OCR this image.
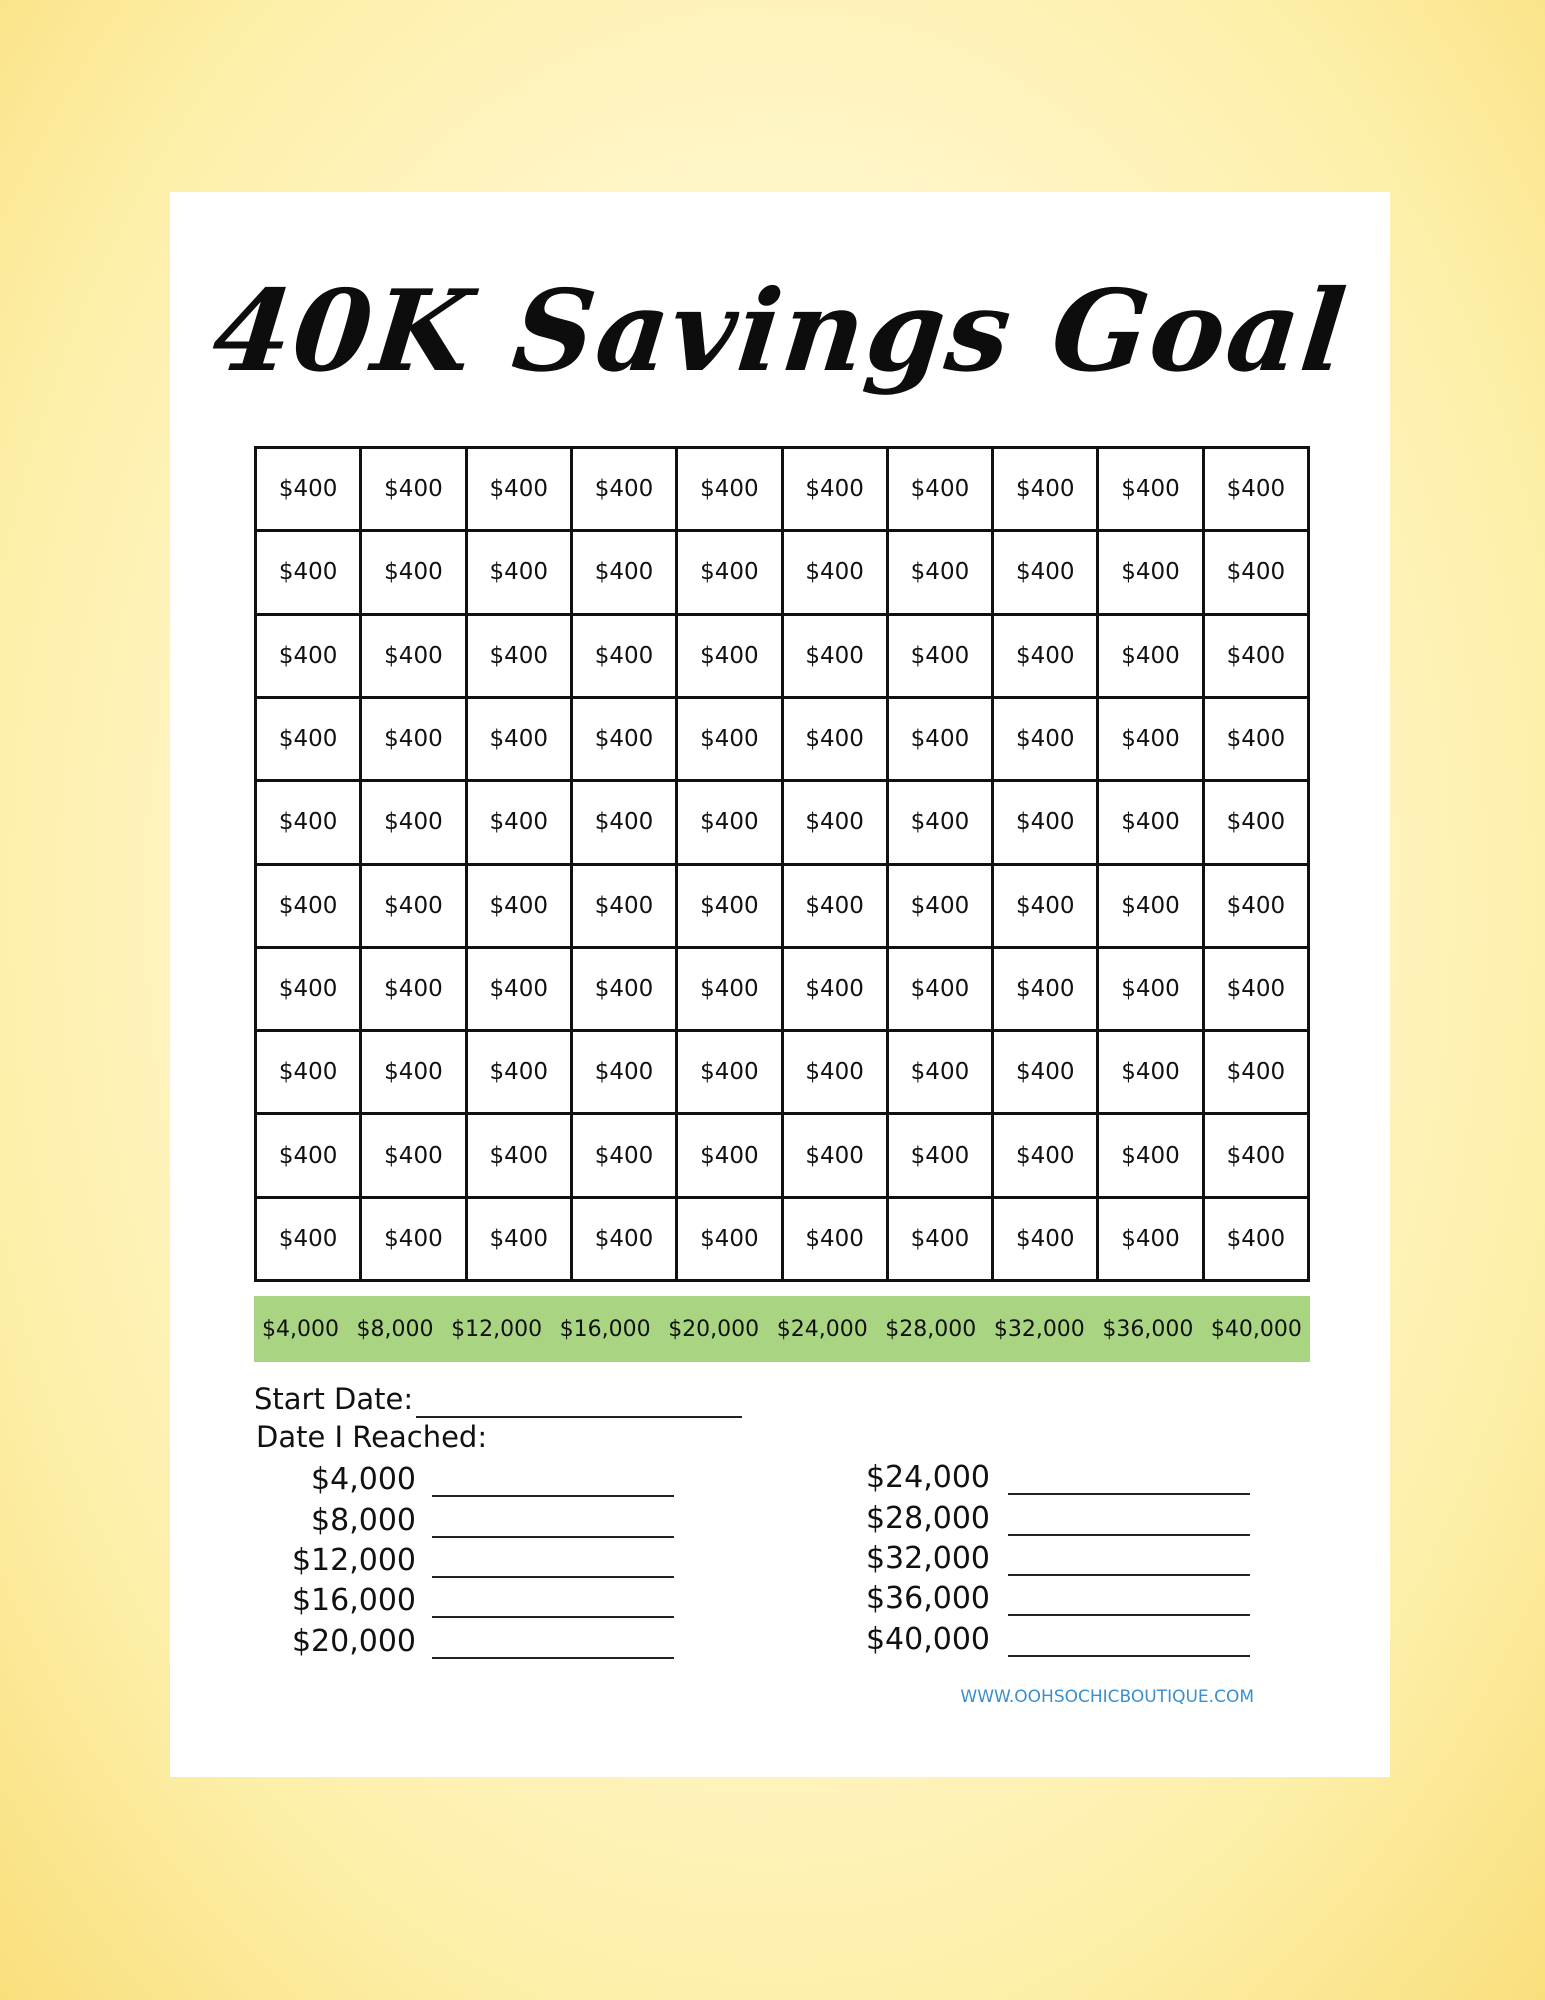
40K Savings Goal
$400	$400	$400	$400	$400	$400	$400	$400	$400	$400
$400	$400	$400	$400	$400	$400	$400	$400	$400	$400
$400	$400	$400	$400	$400	$400	$400	$400	$400	$400
$400	$400	$400	$400	$400	$400	$400	$400	$400	$400
$400	$400	$400	$400	$400	$400	$400	$400	$400	$400
$400	$400	$400	$400	$400	$400	$400	$400	$400	$400
$400	$400	$400	$400	$400	$400	$400	$400	$400	$400
$400	$400	$400	$400	$400	$400	$400	$400	$400	$400
$400	$400	$400	$400	$400	$400	$400	$400	$400	$400
$400	$400	$400	$400	$400	$400	$400	$400	$400	$400
$4,000 $8,000 $12,000 $16,000 $20,000 $24,000 $28,000 $32,000 $36,000 $40,000
Start Date:
Date I Reached:
$4,000
$8,000
$12,000
$16,000
$20,000
$24,000
$28,000
$32,000
$36,000
$40,000
WWW.OOHSOCHICBOUTIQUE.COM
